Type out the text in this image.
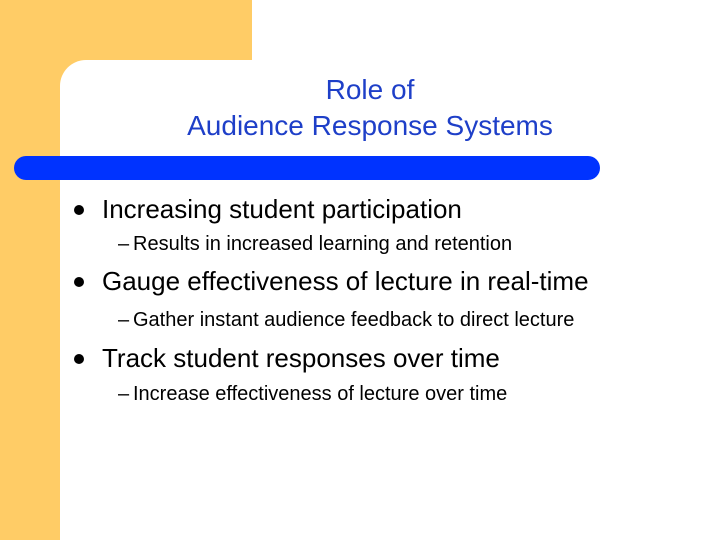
Role of
Audience Response Systems
Increasing student participation
– Results in increased learning and retention
Gauge effectiveness of lecture in real-time
– Gather instant audience feedback to direct lecture
Track student responses over time
– Increase effectiveness of lecture over time
